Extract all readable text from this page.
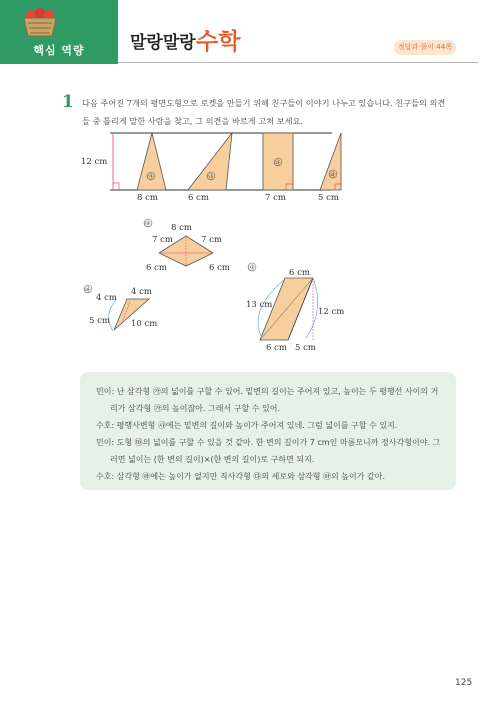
핵심 역량	말랑말랑 수학	정답과 풀이 44쪽
1 다음 주어진 7개의 평면도형으로 로켓을 만들기 위해 친구들이 이야기 나누고 있습니다. 친구들의 의견들 중 틀리게 말한 사람을 찾고, 그 의견을 바르게 고쳐 보세요.
12 cm
㉮
8 cm
㉯
6 cm
㉰
7 cm
㉱
5 cm
㉲ 8 cm
7 cm	7 cm
6 cm	6 cm
㉳	4 cm
4 cm
5 cm 10 cm
㉴	6 cm
13 cm
12 cm
6 cm 5 cm
민이: 난 삼각형 ㉮의 넓이를 구할 수 있어. 밑변의 길이는 주어져 있고, 높이는 두 평행선 사이의 거
리가 삼각형 ㉮의 높이잖아. 그래서 구할 수 있어.
수호: 평행사변형 ㉴에는 밑변의 길이와 높이가 주어져 있네. 그럼 넓이를 구할 수 있지.
민이: 도형 ㉲의 넓이를 구할 수 있을 것 같아. 한 변의 길이가 7 cm인 마름모니까 정사각형이야. 그
러면 넓이는 (한 변의 길이)×(한 변의 길이)로 구하면 되지.
수호: 삼각형 ㉱에는 높이가 없지만 직사각형 ㉰의 세로와 삼각형 ㉱의 높이가 같아.
125
